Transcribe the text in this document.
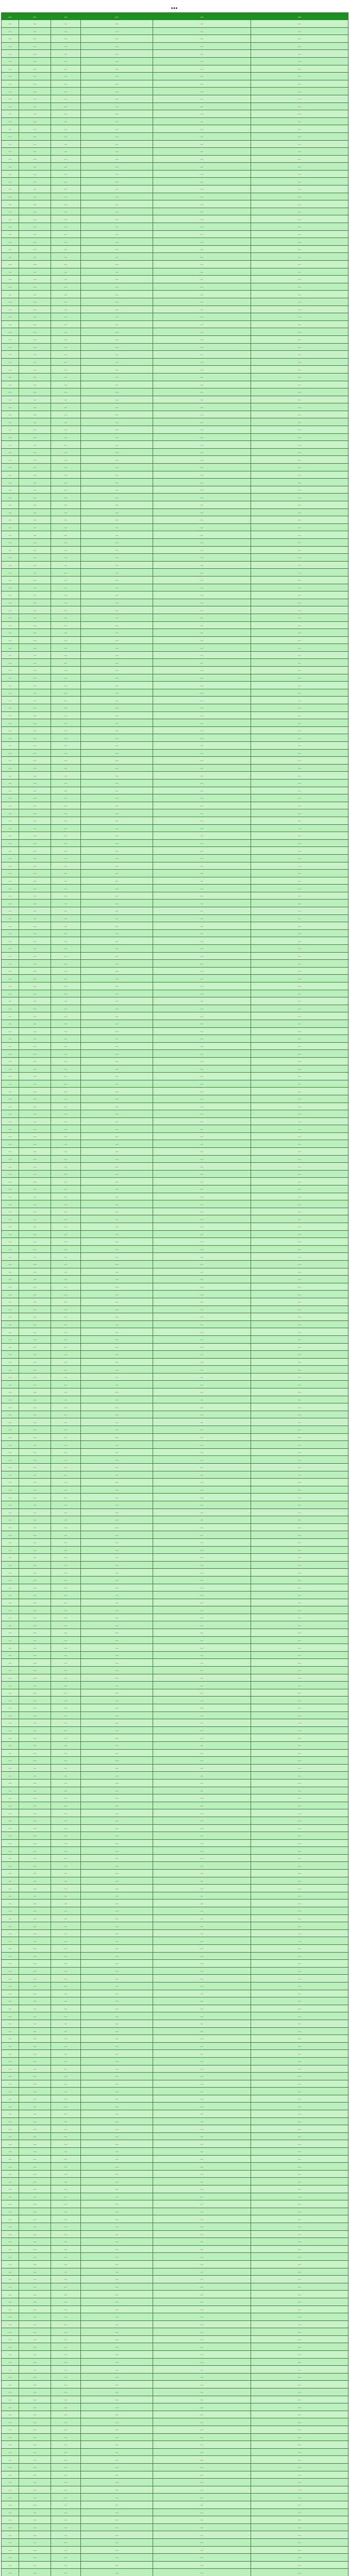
…
…	…	…	…	…	…
…	…	…	…	…	…
…	…	…	…	…	…
…	…	…	…	…	…
…	…	…	…	…	…
…	…	…	…	…	…
…	…	…	…	…	…
…	…	…	…	…	…
…	…	…	…	…	…
…	…	…	…	…	…
…	…	…	…	…	…
…	…	…	…	…	…
…	…	…	…	…	…
…	…	…	…	…	…
…	…	…	…	…	…
…	…	…	…	…	…
…	…	…	…	…	…
…	…	…	…	…	…
…	…	…	…	…	…
…	…	…	…	…	…
…	…	…	…	…	…
…	…	…	…	…	…
…	…	…	…	…	…
…	…	…	…	…	…
…	…	…	…	…	…
…	…	…	…	…	…
…	…	…	…	…	…
…	…	…	…	…	…
…	…	…	…	…	…
…	…	…	…	…	…
…	…	…	…	…	…
…	…	…	…	…	…
…	…	…	…	…	…
…	…	…	…	…	…
…	…	…	…	…	…
…	…	…	…	…	…
…	…	…	…	…	…
…	…	…	…	…	…
…	…	…	…	…	…
…	…	…	…	…	…
…	…	…	…	…	…
…	…	…	…	…	…
…	…	…	…	…	…
…	…	…	…	…	…
…	…	…	…	…	…
…	…	…	…	…	…
…	…	…	…	…	…
…	…	…	…	…	…
…	…	…	…	…	…
…	…	…	…	…	…
…	…	…	…	…	…
…	…	…	…	…	…
…	…	…	…	…	…
…	…	…	…	…	…
…	…	…	…	…	…
…	…	…	…	…	…
…	…	…	…	…	…
…	…	…	…	…	…
…	…	…	…	…	…
…	…	…	…	…	…
…	…	…	…	…	…
…	…	…	…	…	…
…	…	…	…	…	…
…	…	…	…	…	…
…	…	…	…	…	…
…	…	…	…	…	…
…	…	…	…	…	…
…	…	…	…	…	…
…	…	…	…	…	…
…	…	…	…	…	…
…	…	…	…	…	…
…	…	…	…	…	…
…	…	…	…	…	…
…	…	…	…	…	…
…	…	…	…	…	…
…	…	…	…	…	…
…	…	…	…	…	…
…	…	…	…	…	…
…	…	…	…	…	…
…	…	…	…	…	…
…	…	…	…	…	…
…	…	…	…	…	…
…	…	…	…	…	…
…	…	…	…	…	…
…	…	…	…	…	…
…	…	…	…	…	…
…	…	…	…	…	…
…	…	…	…	…	…
…	…	…	…	…	…
…	…	…	…	…	…
…	…	…	…	…	…
…	…	…	…	…	…
…	…	…	…	…	…
…	…	…	…	…	…
…	…	…	…	…	…
…	…	…	…	…	…
…	…	…	…	…	…
…	…	…	…	…	…
…	…	…	…	…	…
…	…	…	…	…	…
…	…	…	…	…	…
…	…	…	…	…	…
…	…	…	…	…	…
…	…	…	…	…	…
…	…	…	…	…	…
…	…	…	…	…	…
…	…	…	…	…	…
…	…	…	…	…	…
…	…	…	…	…	…
…	…	…	…	…	…
…	…	…	…	…	…
…	…	…	…	…	…
…	…	…	…	…	…
…	…	…	…	…	…
…	…	…	…	…	…
…	…	…	…	…	…
…	…	…	…	…	…
…	…	…	…	…	…
…	…	…	…	…	…
…	…	…	…	…	…
…	…	…	…	…	…
…	…	…	…	…	…
…	…	…	…	…	…
…	…	…	…	…	…
…	…	…	…	…	…
…	…	…	…	…	…
…	…	…	…	…	…
…	…	…	…	…	…
…	…	…	…	…	…
…	…	…	…	…	…
…	…	…	…	…	…
…	…	…	…	…	…
…	…	…	…	…	…
…	…	…	…	…	…
…	…	…	…	…	…
…	…	…	…	…	…
…	…	…	…	…	…
…	…	…	…	…	…
…	…	…	…	…	…
…	…	…	…	…	…
…	…	…	…	…	…
…	…	…	…	…	…
…	…	…	…	…	…
…	…	…	…	…	…
…	…	…	…	…	…
…	…	…	…	…	…
…	…	…	…	…	…
…	…	…	…	…	…
…	…	…	…	…	…
…	…	…	…	…	…
…	…	…	…	…	…
…	…	…	…	…	…
…	…	…	…	…	…
…	…	…	…	…	…
…	…	…	…	…	…
…	…	…	…	…	…
…	…	…	…	…	…
…	…	…	…	…	…
…	…	…	…	…	…
…	…	…	…	…	…
…	…	…	…	…	…
…	…	…	…	…	…
…	…	…	…	…	…
…	…	…	…	…	…
…	…	…	…	…	…
…	…	…	…	…	…
…	…	…	…	…	…
…	…	…	…	…	…
…	…	…	…	…	…
…	…	…	…	…	…
…	…	…	…	…	…
…	…	…	…	…	…
…	…	…	…	…	…
…	…	…	…	…	…
…	…	…	…	…	…
…	…	…	…	…	…
…	…	…	…	…	…
…	…	…	…	…	…
…	…	…	…	…	…
…	…	…	…	…	…
…	…	…	…	…	…
…	…	…	…	…	…
…	…	…	…	…	…
…	…	…	…	…	…
…	…	…	…	…	…
…	…	…	…	…	…
…	…	…	…	…	…
…	…	…	…	…	…
…	…	…	…	…	…
…	…	…	…	…	…
…	…	…	…	…	…
…	…	…	…	…	…
…	…	…	…	…	…
…	…	…	…	…	…
…	…	…	…	…	…
…	…	…	…	…	…
…	…	…	…	…	…
…	…	…	…	…	…
…	…	…	…	…	…
…	…	…	…	…	…
…	…	…	…	…	…
…	…	…	…	…	…
…	…	…	…	…	…
…	…	…	…	…	…
…	…	…	…	…	…
…	…	…	…	…	…
…	…	…	…	…	…
…	…	…	…	…	…
…	…	…	…	…	…
…	…	…	…	…	…
…	…	…	…	…	…
…	…	…	…	…	…
…	…	…	…	…	…
…	…	…	…	…	…
…	…	…	…	…	…
…	…	…	…	…	…
…	…	…	…	…	…
…	…	…	…	…	…
…	…	…	…	…	…
…	…	…	…	…	…
…	…	…	…	…	…
…	…	…	…	…	…
…	…	…	…	…	…
…	…	…	…	…	…
…	…	…	…	…	…
…	…	…	…	…	…
…	…	…	…	…	…
…	…	…	…	…	…
…	…	…	…	…	…
…	…	…	…	…	…
…	…	…	…	…	…
…	…	…	…	…	…
…	…	…	…	…	…
…	…	…	…	…	…
…	…	…	…	…	…
…	…	…	…	…	…
…	…	…	…	…	…
…	…	…	…	…	…
…	…	…	…	…	…
…	…	…	…	…	…
…	…	…	…	…	…
…	…	…	…	…	…
…	…	…	…	…	…
…	…	…	…	…	…
…	…	…	…	…	…
…	…	…	…	…	…
…	…	…	…	…	…
…	…	…	…	…	…
…	…	…	…	…	…
…	…	…	…	…	…
…	…	…	…	…	…
…	…	…	…	…	…
…	…	…	…	…	…
…	…	…	…	…	…
…	…	…	…	…	…
…	…	…	…	…	…
…	…	…	…	…	…
…	…	…	…	…	…
…	…	…	…	…	…
…	…	…	…	…	…
…	…	…	…	…	…
…	…	…	…	…	…
…	…	…	…	…	…
…	…	…	…	…	…
…	…	…	…	…	…
…	…	…	…	…	…
…	…	…	…	…	…
…	…	…	…	…	…
…	…	…	…	…	…
…	…	…	…	…	…
…	…	…	…	…	…
…	…	…	…	…	…
…	…	…	…	…	…
…	…	…	…	…	…
…	…	…	…	…	…
…	…	…	…	…	…
…	…	…	…	…	…
…	…	…	…	…	…
…	…	…	…	…	…
…	…	…	…	…	…
…	…	…	…	…	…
…	…	…	…	…	…
…	…	…	…	…	…
…	…	…	…	…	…
…	…	…	…	…	…
…	…	…	…	…	…
…	…	…	…	…	…
…	…	…	…	…	…
…	…	…	…	…	…
…	…	…	…	…	…
…	…	…	…	…	…
…	…	…	…	…	…
…	…	…	…	…	…
…	…	…	…	…	…
…	…	…	…	…	…
…	…	…	…	…	…
…	…	…	…	…	…
…	…	…	…	…	…
…	…	…	…	…	…
…	…	…	…	…	…
…	…	…	…	…	…
…	…	…	…	…	…
…	…	…	…	…	…
…	…	…	…	…	…
…	…	…	…	…	…
…	…	…	…	…	…
…	…	…	…	…	…
…	…	…	…	…	…
…	…	…	…	…	…
…	…	…	…	…	…
…	…	…	…	…	…
…	…	…	…	…	…
…	…	…	…	…	…
…	…	…	…	…	…
…	…	…	…	…	…
…	…	…	…	…	…
…	…	…	…	…	…
…	…	…	…	…	…
…	…	…	…	…	…
…	…	…	…	…	…
…	…	…	…	…	…
…	…	…	…	…	…
…	…	…	…	…	…
…	…	…	…	…	…
…	…	…	…	…	…
…	…	…	…	…	…
…	…	…	…	…	…
…	…	…	…	…	…
…	…	…	…	…	…
…	…	…	…	…	…
…	…	…	…	…	…
…	…	…	…	…	…
…	…	…	…	…	…
…	…	…	…	…	…
…	…	…	…	…	…
…	…	…	…	…	…
…	…	…	…	…	…
…	…	…	…	…	…
…	…	…	…	…	…
…	…	…	…	…	…
…	…	…	…	…	…
